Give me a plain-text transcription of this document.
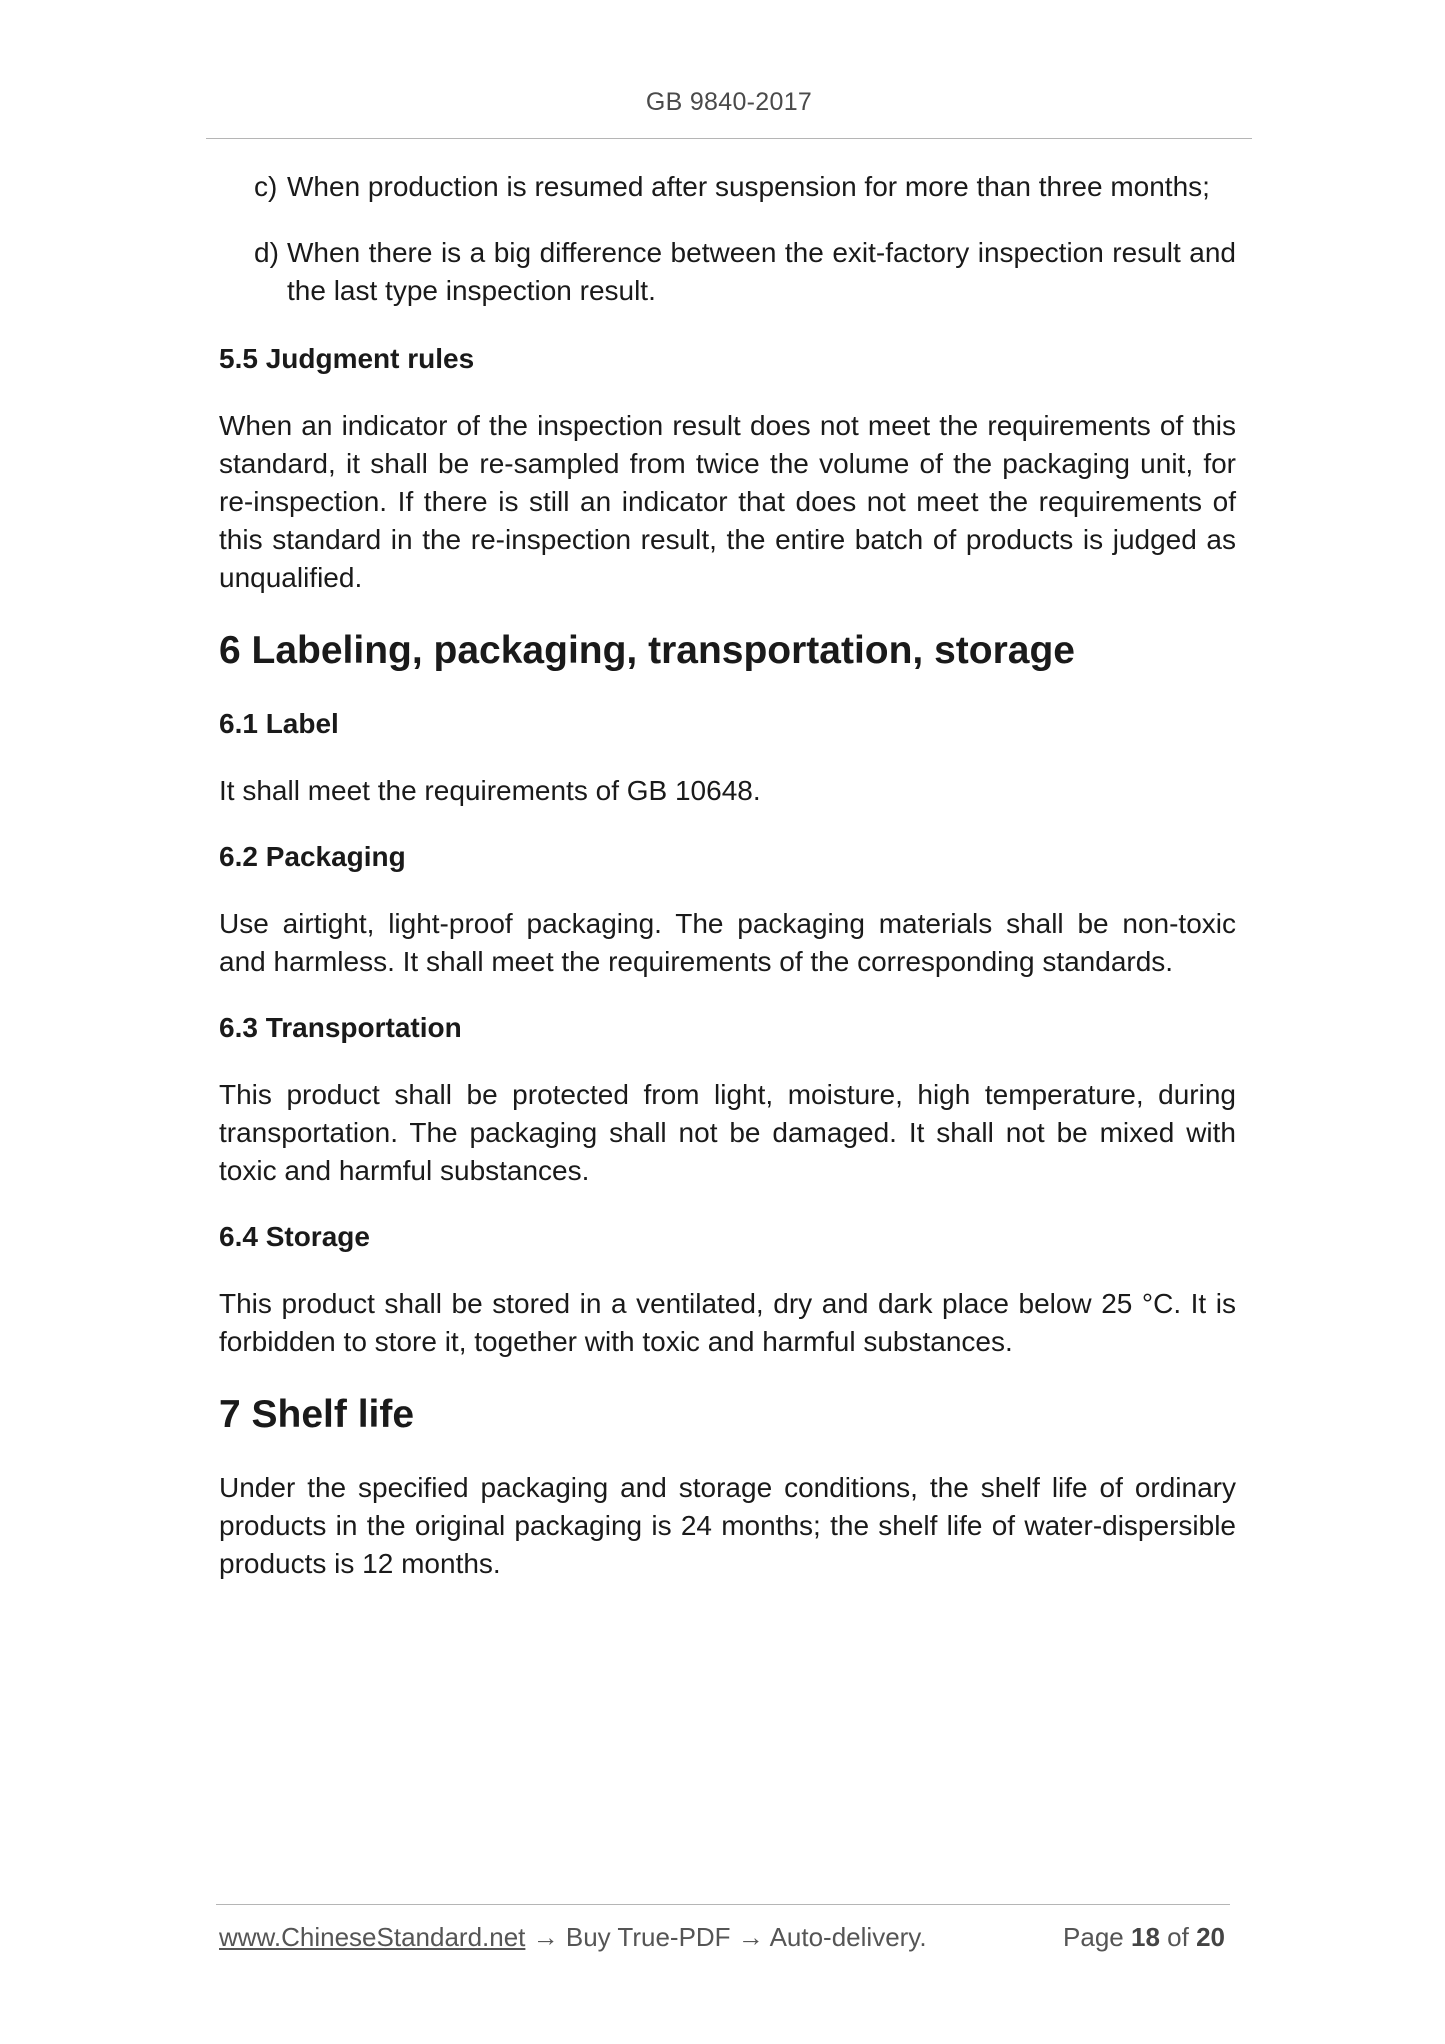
GB 9840-2017
c) When production is resumed after suspension for more than three months;
d) When there is a big difference between the exit-factory inspection result and the last type inspection result.
5.5 Judgment rules

When an indicator of the inspection result does not meet the requirements of this standard, it shall be re-sampled from twice the volume of the packaging unit, for re-inspection. If there is still an indicator that does not meet the requirements of this standard in the re-inspection result, the entire batch of products is judged as unqualified.

6 Labeling, packaging, transportation, storage
6.1 Label

It shall meet the requirements of GB 10648.

6.2 Packaging

Use airtight, light-proof packaging. The packaging materials shall be non-toxic and harmless. It shall meet the requirements of the corresponding standards.

6.3 Transportation

This product shall be protected from light, moisture, high temperature, during transportation. The packaging shall not be damaged. It shall not be mixed with toxic and harmful substances.

6.4 Storage

This product shall be stored in a ventilated, dry and dark place below 25 °C. It is forbidden to store it, together with toxic and harmful substances.

7 Shelf life

Under the specified packaging and storage conditions, the shelf life of ordinary products in the original packaging is 24 months; the shelf life of water-dispersible products is 12 months.

www.ChineseStandard.net → Buy True-PDF → Auto-delivery.	Page 18 of 20
